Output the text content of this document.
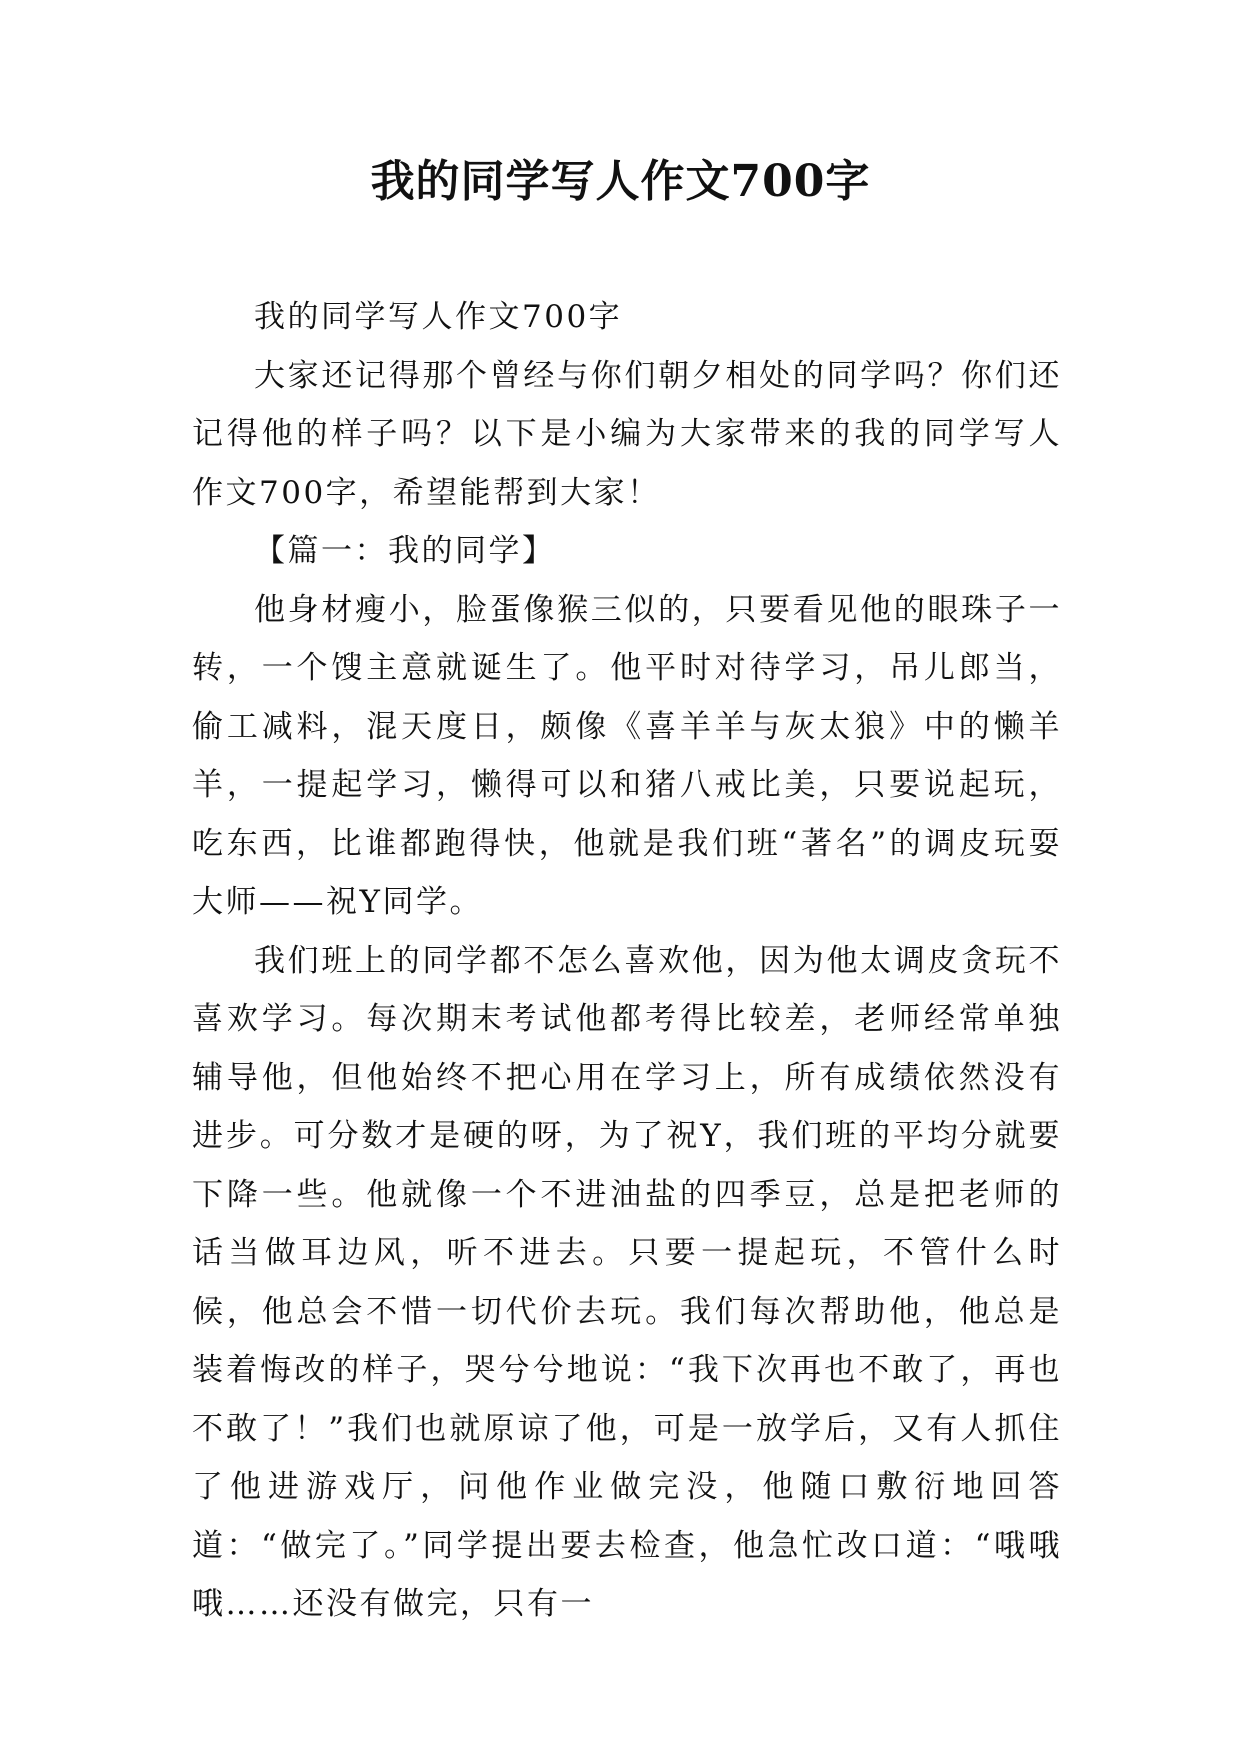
我的同学写人作文700字

我的同学写人作文700字

大家还记得那个曾经与你们朝夕相处的同学吗？你们还记得他的样子吗？以下是小编为大家带来的我的同学写人作文700字，希望能帮到大家！

【篇一：我的同学】

他身材瘦小，脸蛋像猴三似的，只要看见他的眼珠子一转，一个馊主意就诞生了。他平时对待学习，吊儿郎当，偷工减料，混天度日，颇像《喜羊羊与灰太狼》中的懒羊羊，一提起学习，懒得可以和猪八戒比美，只要说起玩，吃东西，比谁都跑得快，他就是我们班“著名”的调皮玩耍大师——祝Y同学。

我们班上的同学都不怎么喜欢他，因为他太调皮贪玩不喜欢学习。每次期末考试他都考得比较差，老师经常单独辅导他，但他始终不把心用在学习上，所有成绩依然没有进步。可分数才是硬的呀，为了祝Y，我们班的平均分就要下降一些。他就像一个不进油盐的四季豆，总是把老师的话当做耳边风，听不进去。只要一提起玩，不管什么时候，他总会不惜一切代价去玩。我们每次帮助他，他总是装着悔改的样子，哭兮兮地说：“我下次再也不敢了，再也不敢了！”我们也就原谅了他，可是一放学后，又有人抓住了他进游戏厅，问他作业做完没，他随口敷衍地回答道：“做完了。”同学提出要去检查，他急忙改口道：“哦哦哦……还没有做完，只有一
